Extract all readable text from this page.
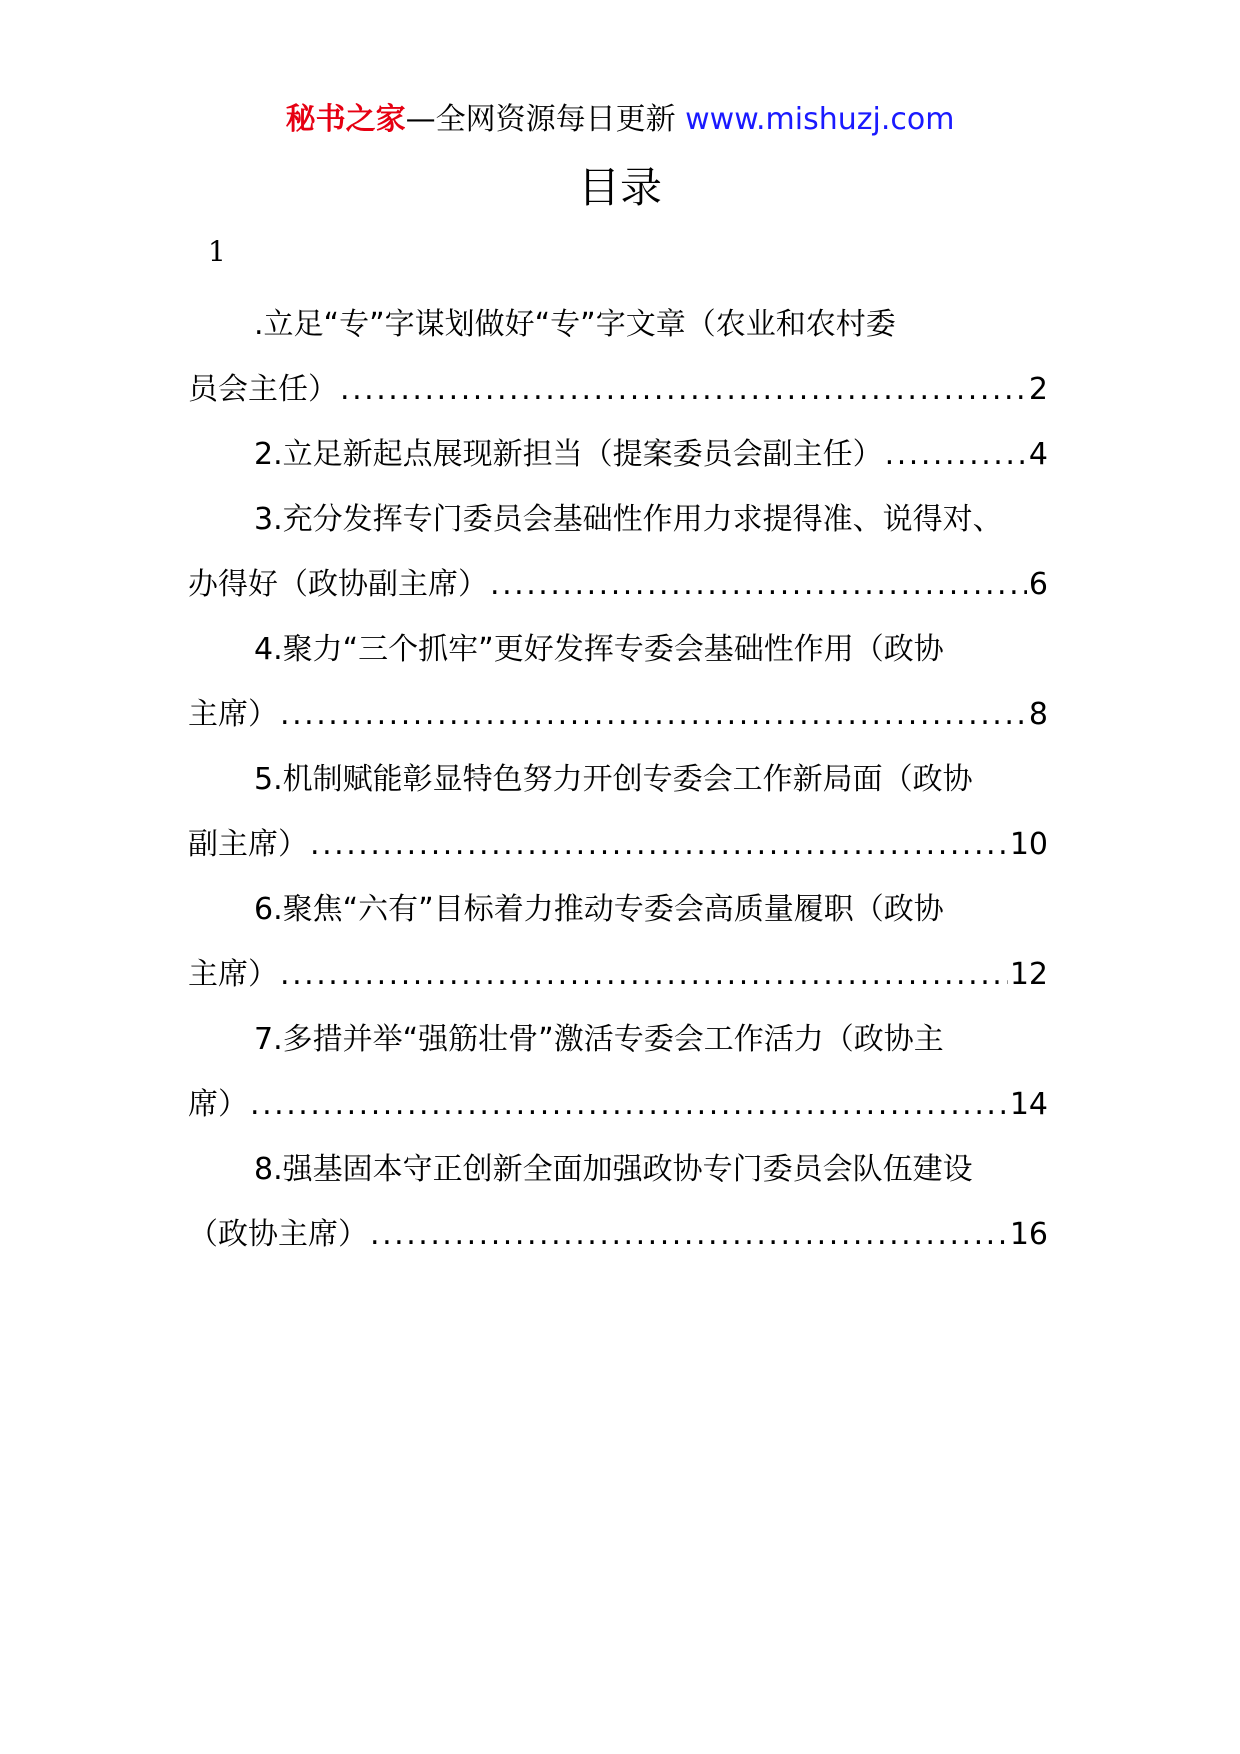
秘书之家—全网资源每日更新 www.mishuzj.com
目录
1
.立足“专”字谋划做好“专”字文章（农业和农村委
员会主任） . . .	2
2.立足新起点展现新担当（提案委员会副主任） . . .	4
3.充分发挥专门委员会基础性作用力求提得准、说得对、
办得好（政协副主席） . . .	6
4.聚力“三个抓牢”更好发挥专委会基础性作用（政协
主席） . . .	8
5.机制赋能彰显特色努力开创专委会工作新局面（政协
副主席） . . .	10
6.聚焦“六有”目标着力推动专委会高质量履职（政协
主席） . . .	12
7.多措并举“强筋壮骨”激活专委会工作活力（政协主
席） . . .	14
8.强基固本守正创新全面加强政协专门委员会队伍建设
（政协主席） . . .	16
